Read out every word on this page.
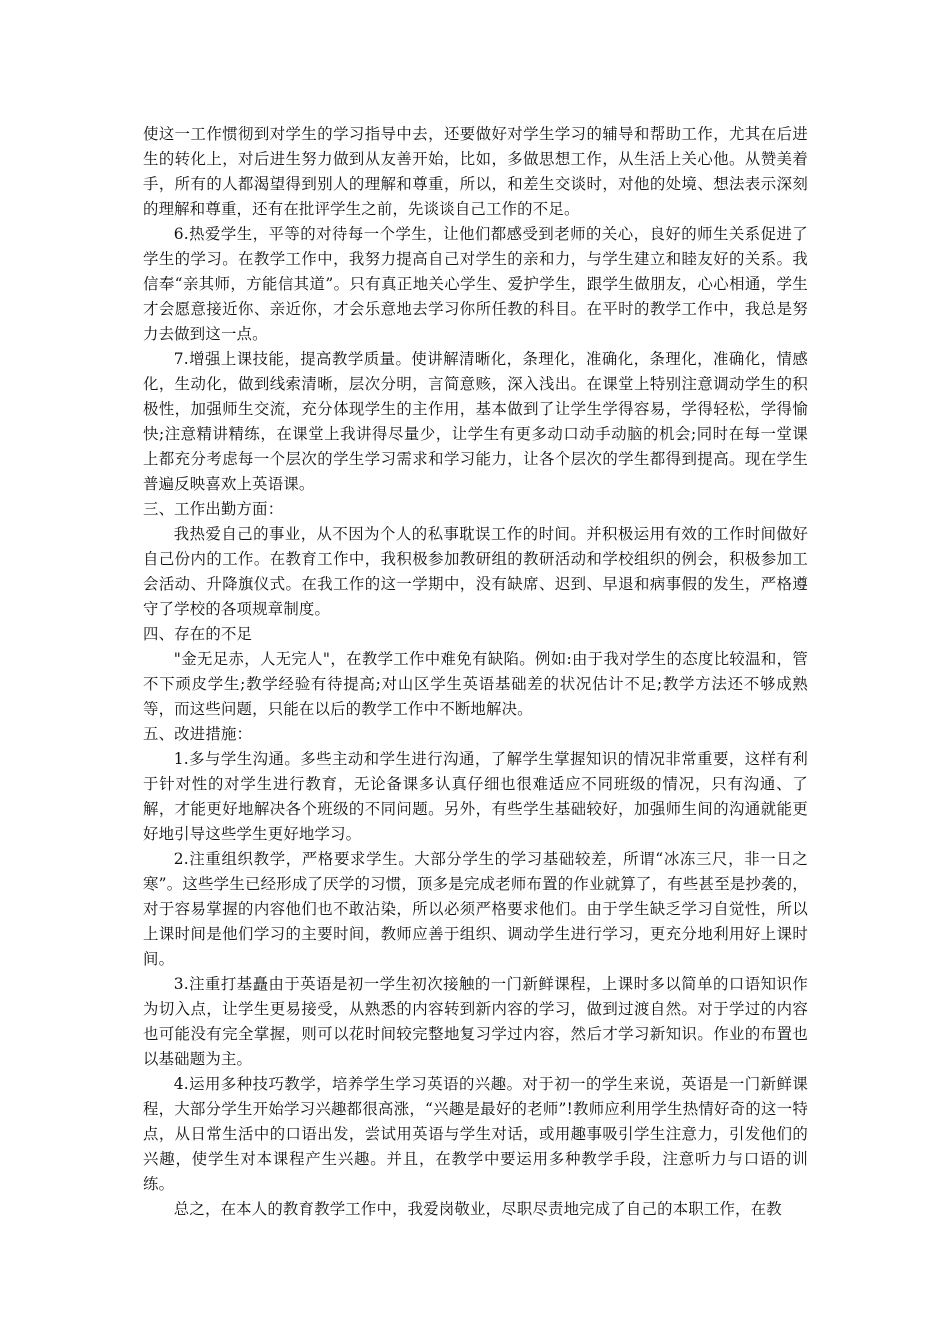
使这一工作惯彻到对学生的学习指导中去，还要做好对学生学习的辅导和帮助工作，尤其在后进生的转化上，对后进生努力做到从友善开始，比如，多做思想工作，从生活上关心他。从赞美着手，所有的人都渴望得到别人的理解和尊重，所以，和差生交谈时，对他的处境、想法表示深刻的理解和尊重，还有在批评学生之前，先谈谈自己工作的不足。

6.热爱学生，平等的对待每一个学生，让他们都感受到老师的关心，良好的师生关系促进了学生的学习。在教学工作中，我努力提高自己对学生的亲和力，与学生建立和睦友好的关系。我信奉“亲其师，方能信其道”。只有真正地关心学生、爱护学生，跟学生做朋友，心心相通，学生才会愿意接近你、亲近你，才会乐意地去学习你所任教的科目。在平时的教学工作中，我总是努力去做到这一点。

7.增强上课技能，提高教学质量。使讲解清晰化，条理化，准确化，条理化，准确化，情感化，生动化，做到线索清晰，层次分明，言简意赅，深入浅出。在课堂上特别注意调动学生的积极性，加强师生交流，充分体现学生的主作用，基本做到了让学生学得容易，学得轻松，学得愉快;注意精讲精练，在课堂上我讲得尽量少，让学生有更多动口动手动脑的机会;同时在每一堂课上都充分考虑每一个层次的学生学习需求和学习能力，让各个层次的学生都得到提高。现在学生普遍反映喜欢上英语课。

三、工作出勤方面：

我热爱自己的事业，从不因为个人的私事耽误工作的时间。并积极运用有效的工作时间做好自己份内的工作。在教育工作中，我积极参加教研组的教研活动和学校组织的例会，积极参加工会活动、升降旗仪式。在我工作的这一学期中，没有缺席、迟到、早退和病事假的发生，严格遵守了学校的各项规章制度。

四、存在的不足

"金无足赤，人无完人"，在教学工作中难免有缺陷。例如:由于我对学生的态度比较温和，管不下顽皮学生;教学经验有待提高;对山区学生英语基础差的状况估计不足;教学方法还不够成熟等，而这些问题，只能在以后的教学工作中不断地解决。

五、改进措施：

1.多与学生沟通。多些主动和学生进行沟通，了解学生掌握知识的情况非常重要，这样有利于针对性的对学生进行教育，无论备课多认真仔细也很难适应不同班级的情况，只有沟通、了解，才能更好地解决各个班级的不同问题。另外，有些学生基础较好，加强师生间的沟通就能更好地引导这些学生更好地学习。

2.注重组织教学，严格要求学生。大部分学生的学习基础较差，所谓“冰冻三尺，非一日之寒”。这些学生已经形成了厌学的习惯，顶多是完成老师布置的作业就算了，有些甚至是抄袭的，对于容易掌握的内容他们也不敢沾染，所以必须严格要求他们。由于学生缺乏学习自觉性，所以上课时间是他们学习的主要时间，教师应善于组织、调动学生进行学习，更充分地利用好上课时间。

3.注重打基矗由于英语是初一学生初次接触的一门新鲜课程，上课时多以简单的口语知识作为切入点，让学生更易接受，从熟悉的内容转到新内容的学习，做到过渡自然。对于学过的内容也可能没有完全掌握，则可以花时间较完整地复习学过内容，然后才学习新知识。作业的布置也以基础题为主。

4.运用多种技巧教学，培养学生学习英语的兴趣。对于初一的学生来说，英语是一门新鲜课程，大部分学生开始学习兴趣都很高涨，“兴趣是最好的老师”!教师应利用学生热情好奇的这一特点，从日常生活中的口语出发，尝试用英语与学生对话，或用趣事吸引学生注意力，引发他们的兴趣，使学生对本课程产生兴趣。并且，在教学中要运用多种教学手段，注意听力与口语的训练。

总之，在本人的教育教学工作中，我爱岗敬业，尽职尽责地完成了自己的本职工作，在教
